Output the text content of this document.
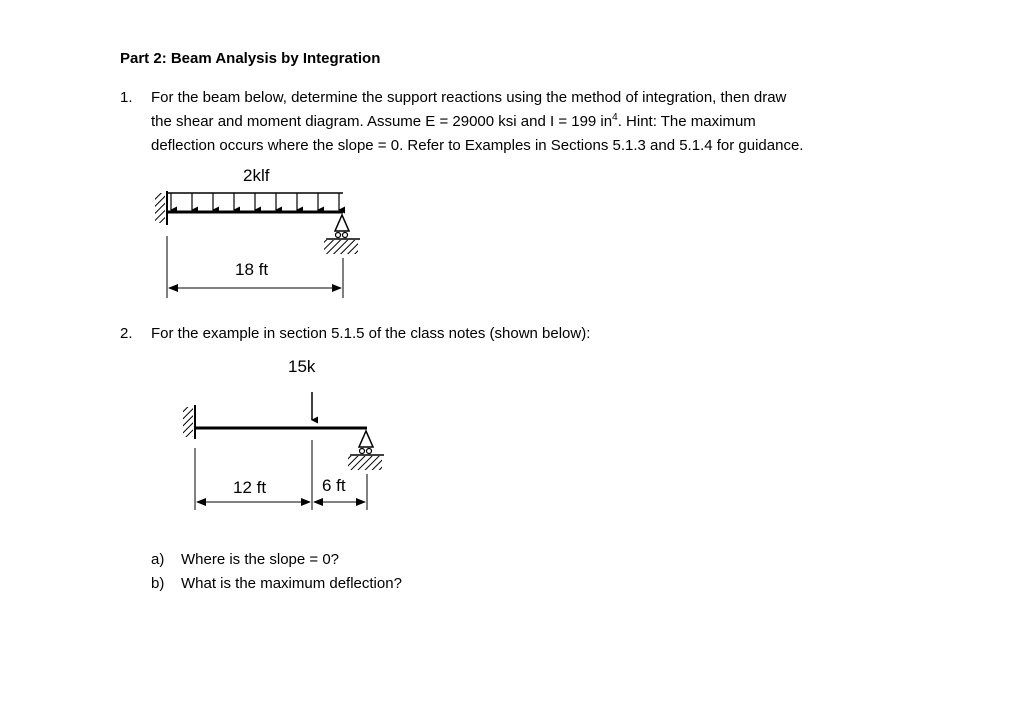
Part 2: Beam Analysis by Integration
1. For the beam below, determine the support reactions using the method of integration, then draw
the shear and moment diagram. Assume E = 29000 ksi and I = 199 $in^4$. Hint: The maximum
deflection occurs where the slope = 0. Refer to Examples in Sections 5.1.3 and 5.1.4 for guidance.
2klf
18 ft
2. For the example in section 5.1.5 of the class notes (shown below):
15k
12 ft	6 ft
a) Where is the slope = 0?
b) What is the maximum deflection?
